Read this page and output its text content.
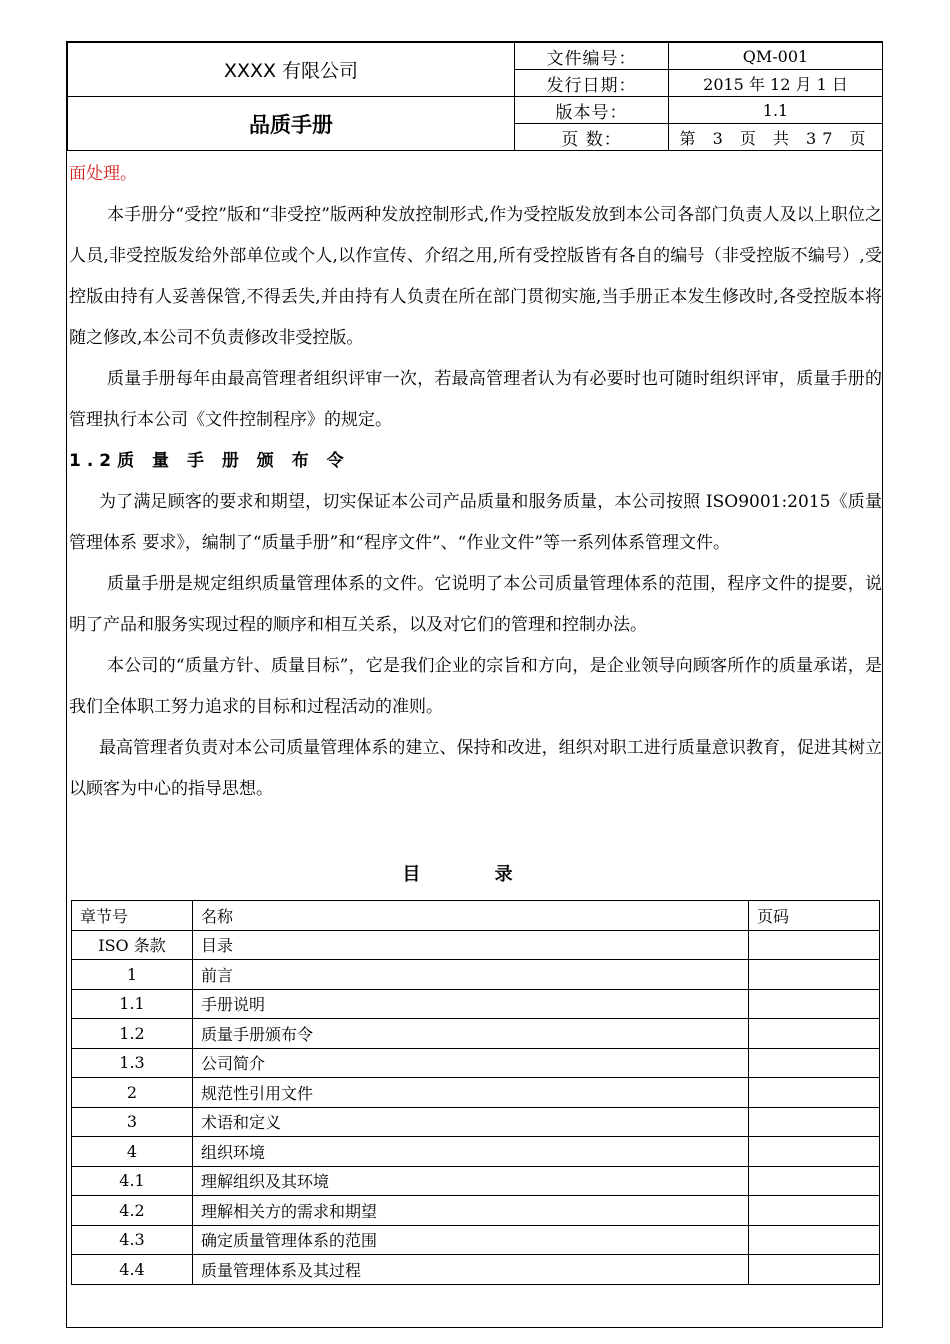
XXXX 有限公司	文件编号：	QM-001
	发行日期：	2015 年 12 月 1 日
品质手册	版本号：	1.1
	页 数：	第 3 页 共 37 页

面处理。

本手册分“受控”版和“非受控”版两种发放控制形式,作为受控版发放到本公司各部门负责人及以上职位之人员,非受控版发给外部单位或个人,以作宣传、介绍之用,所有受控版皆有各自的编号（非受控版不编号）,受控版由持有人妥善保管,不得丢失,并由持有人负责在所在部门贯彻实施,当手册正本发生修改时,各受控版本将随之修改,本公司不负责修改非受控版。

质量手册每年由最高管理者组织评审一次，若最高管理者认为有必要时也可随时组织评审，质量手册的管理执行本公司《文件控制程序》的规定。

1.2质 量 手 册 颁 布 令

为了满足顾客的要求和期望，切实保证本公司产品质量和服务质量，本公司按照 ISO9001:2015《质量管理体系 要求》，编制了“质量手册”和“程序文件”、“作业文件”等一系列体系管理文件。

质量手册是规定组织质量管理体系的文件。它说明了本公司质量管理体系的范围，程序文件的提要，说明了产品和服务实现过程的顺序和相互关系，以及对它们的管理和控制办法。

本公司的“质量方针、质量目标”，它是我们企业的宗旨和方向，是企业领导向顾客所作的质量承诺，是我们全体职工努力追求的目标和过程活动的准则。

最高管理者负责对本公司质量管理体系的建立、保持和改进，组织对职工进行质量意识教育，促进其树立以顾客为中心的指导思想。

目 录
章节号	名称	页码
ISO 条款	目录	
1	前言	
1.1	手册说明	
1.2	质量手册颁布令	
1.3	公司简介	
2	规范性引用文件	
3	术语和定义	
4	组织环境	
4.1	理解组织及其环境	
4.2	理解相关方的需求和期望	
4.3	确定质量管理体系的范围	
4.4	质量管理体系及其过程	
